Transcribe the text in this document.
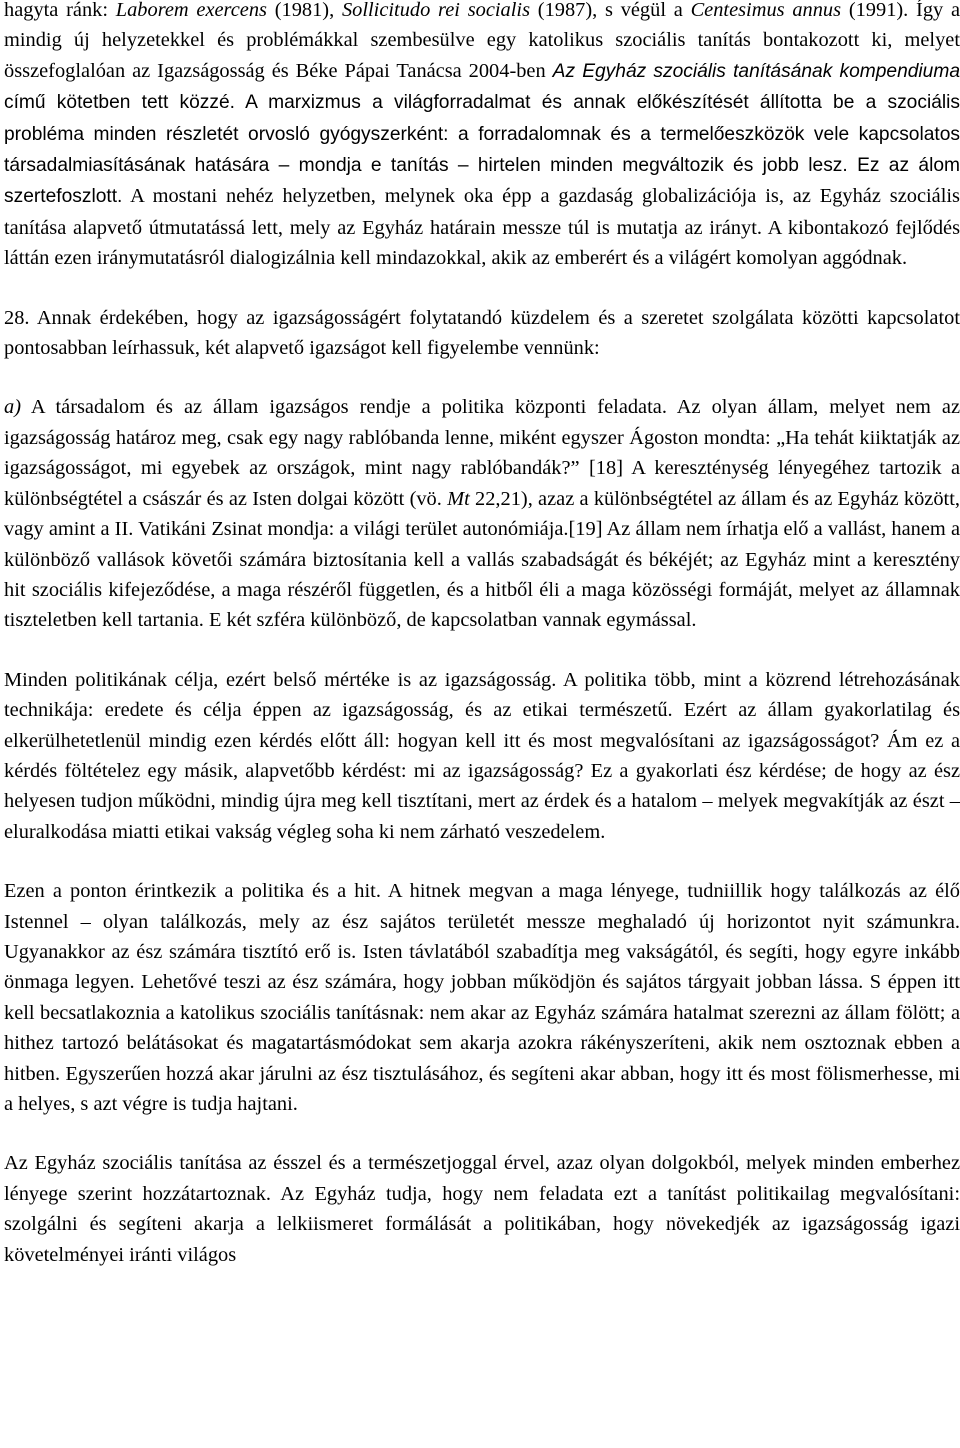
hagyta ránk: Laborem exercens (1981), Sollicitudo rei socialis (1987), s végül a Centesimus annus (1991). Így a mindig új helyzetekkel és problémákkal szembesülve egy katolikus szociális tanítás bontakozott ki, melyet összefoglalóan az Igazságosság és Béke Pápai Tanácsa 2004-ben Az Egyház szociális tanításának kompendiuma című kötetben tett közzé. A marxizmus a világforradalmat és annak előkészítését állította be a szociális probléma minden részletét orvosló gyógyszerként: a forradalomnak és a termelőeszközök vele kapcsolatos társadalmiasításának hatására – mondja e tanítás – hirtelen minden megváltozik és jobb lesz. Ez az álom szertefoszlott. A mostani nehéz helyzetben, melynek oka épp a gazdaság globalizációja is, az Egyház szociális tanítása alapvető útmutatássá lett, mely az Egyház határain messze túl is mutatja az irányt. A kibontakozó fejlődés láttán ezen iránymutatásról dialogizálnia kell mindazokkal, akik az emberért és a világért komolyan aggódnak.

28. Annak érdekében, hogy az igazságosságért folytatandó küzdelem és a szeretet szolgálata közötti kapcsolatot pontosabban leírhassuk, két alapvető igazságot kell figyelembe vennünk:

a) A társadalom és az állam igazságos rendje a politika központi feladata. Az olyan állam, melyet nem az igazságosság határoz meg, csak egy nagy rablóbanda lenne, miként egyszer Ágoston mondta: „Ha tehát kiiktatják az igazságosságot, mi egyebek az országok, mint nagy rablóbandák?” [18] A kereszténység lényegéhez tartozik a különbségtétel a császár és az Isten dolgai között (vö. Mt 22,21), azaz a különbségtétel az állam és az Egyház között, vagy amint a II. Vatikáni Zsinat mondja: a világi terület autonómiája.[19] Az állam nem írhatja elő a vallást, hanem a különböző vallások követői számára biztosítania kell a vallás szabadságát és békéjét; az Egyház mint a keresztény hit szociális kifejeződése, a maga részéről független, és a hitből éli a maga közösségi formáját, melyet az államnak tiszteletben kell tartania. E két szféra különböző, de kapcsolatban vannak egymással.

Minden politikának célja, ezért belső mértéke is az igazságosság. A politika több, mint a közrend létrehozásának technikája: eredete és célja éppen az igazságosság, és az etikai természetű. Ezért az állam gyakorlatilag és elkerülhetetlenül mindig ezen kérdés előtt áll: hogyan kell itt és most megvalósítani az igazságosságot? Ám ez a kérdés föltételez egy másik, alapvetőbb kérdést: mi az igazságosság? Ez a gyakorlati ész kérdése; de hogy az ész helyesen tudjon működni, mindig újra meg kell tisztítani, mert az érdek és a hatalom – melyek megvakítják az észt – eluralkodása miatti etikai vakság végleg soha ki nem zárható veszedelem.

Ezen a ponton érintkezik a politika és a hit. A hitnek megvan a maga lényege, tudniillik hogy találkozás az élő Istennel – olyan találkozás, mely az ész sajátos területét messze meghaladó új horizontot nyit számunkra. Ugyanakkor az ész számára tisztító erő is. Isten távlatából szabadítja meg vakságától, és segíti, hogy egyre inkább önmaga legyen. Lehetővé teszi az ész számára, hogy jobban működjön és sajátos tárgyait jobban lássa. S éppen itt kell becsatlakoznia a katolikus szociális tanításnak: nem akar az Egyház számára hatalmat szerezni az állam fölött; a hithez tartozó belátásokat és magatartásmódokat sem akarja azokra rákényszeríteni, akik nem osztoznak ebben a hitben. Egyszerűen hozzá akar járulni az ész tisztulásához, és segíteni akar abban, hogy itt és most fölismerhesse, mi a helyes, s azt végre is tudja hajtani.

Az Egyház szociális tanítása az ésszel és a természetjoggal érvel, azaz olyan dolgokból, melyek minden emberhez lényege szerint hozzátartoznak. Az Egyház tudja, hogy nem feladata ezt a tanítást politikailag megvalósítani: szolgálni és segíteni akarja a lelkiismeret formálását a politikában, hogy növekedjék az igazságosság igazi követelményei iránti világos
